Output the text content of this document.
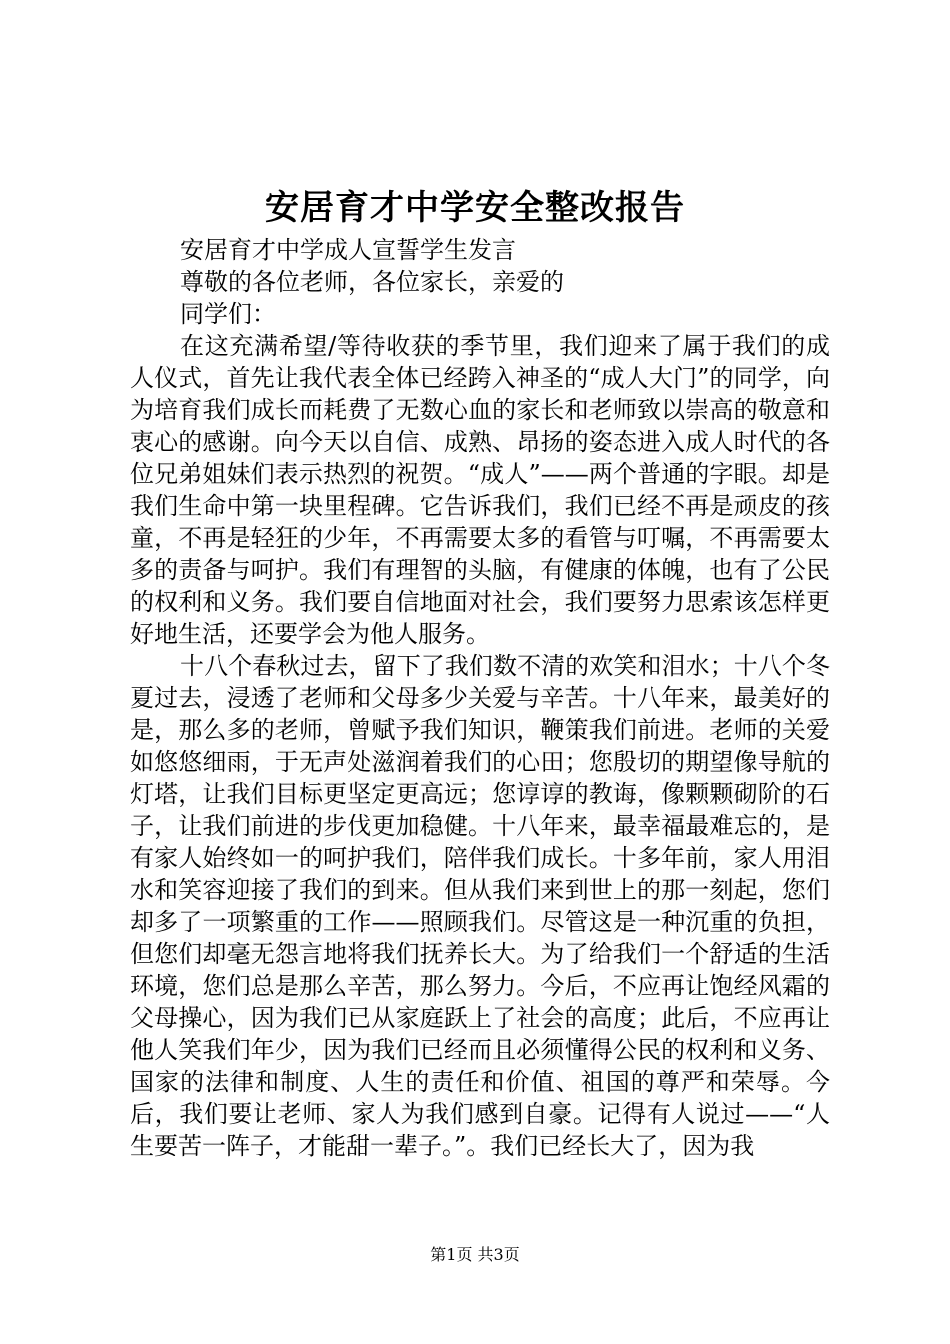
安居育才中学安全整改报告

安居育才中学成人宣誓学生发言

尊敬的各位老师，各位家长，亲爱的

同学们：

在这充满希望/等待收获的季节里，我们迎来了属于我们的成人仪式，首先让我代表全体已经跨入神圣的“成人大门”的同学，向为培育我们成长而耗费了无数心血的家长和老师致以崇高的敬意和衷心的感谢。向今天以自信、成熟、昂扬的姿态进入成人时代的各位兄弟姐妹们表示热烈的祝贺。“成人”——两个普通的字眼。却是我们生命中第一块里程碑。它告诉我们，我们已经不再是顽皮的孩童，不再是轻狂的少年，不再需要太多的看管与叮嘱，不再需要太多的责备与呵护。我们有理智的头脑，有健康的体魄，也有了公民的权利和义务。我们要自信地面对社会，我们要努力思索该怎样更好地生活，还要学会为他人服务。

十八个春秋过去，留下了我们数不清的欢笑和泪水；十八个冬夏过去，浸透了老师和父母多少关爱与辛苦。十八年来，最美好的是，那么多的老师，曾赋予我们知识，鞭策我们前进。老师的关爱如悠悠细雨，于无声处滋润着我们的心田；您殷切的期望像导航的灯塔，让我们目标更坚定更高远；您谆谆的教诲，像颗颗砌阶的石子，让我们前进的步伐更加稳健。十八年来，最幸福最难忘的，是有家人始终如一的呵护我们，陪伴我们成长。十多年前，家人用泪水和笑容迎接了我们的到来。但从我们来到世上的那一刻起，您们却多了一项繁重的工作——照顾我们。尽管这是一种沉重的负担，但您们却毫无怨言地将我们抚养长大。为了给我们一个舒适的生活环境，您们总是那么辛苦，那么努力。今后，不应再让饱经风霜的父母操心，因为我们已从家庭跃上了社会的高度；此后，不应再让他人笑我们年少，因为我们已经而且必须懂得公民的权利和义务、国家的法律和制度、人生的责任和价值、祖国的尊严和荣辱。今后，我们要让老师、家人为我们感到自豪。记得有人说过——“人生要苦一阵子，才能甜一辈子。”。我们已经长大了，因为我

第1页 共3页
